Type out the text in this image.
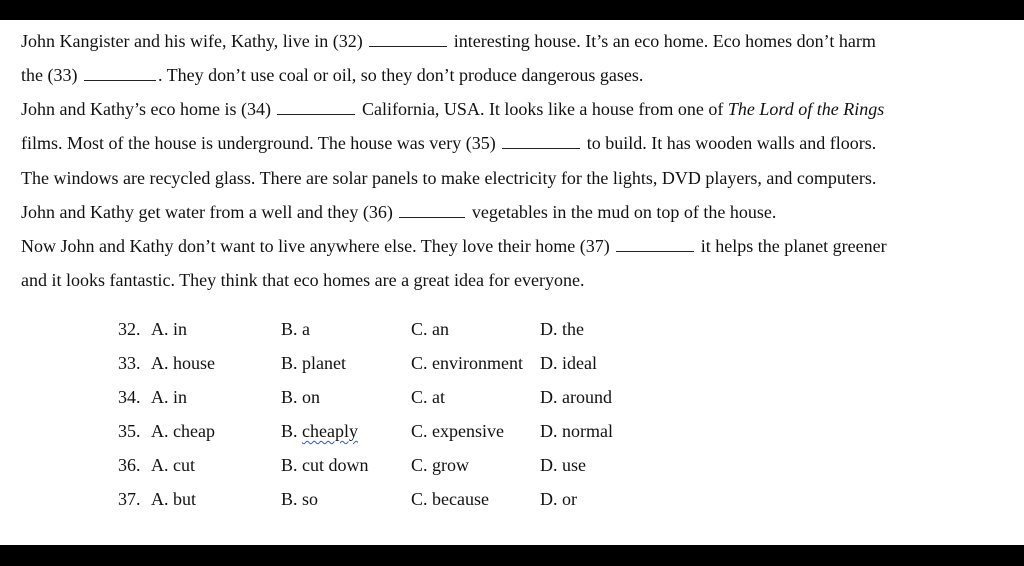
John Kangister and his wife, Kathy, live in (32)	interesting house. It’s an eco home. Eco homes don’t harm
the (33)	. They don’t use coal or oil, so they don’t produce dangerous gases.
John and Kathy’s eco home is (34)	California, USA. It looks like a house from one of The Lord of the Rings
films. Most of the house is underground. The house was very (35)	to build. It has wooden walls and floors.
The windows are recycled glass. There are solar panels to make electricity for the lights, DVD players, and computers.
John and Kathy get water from a well and they (36)	vegetables in the mud on top of the house.
Now John and Kathy don’t want to live anywhere else. They love their home (37)	it helps the planet greener
and it looks fantastic. They think that eco homes are a great idea for everyone.
32. A. in	B. a	C. an	D. the
33. A. house	B. planet	C. environment D. ideal
34. A. in	B. on	C. at	D. around
35. A. cheap	B. cheaply	C. expensive D. normal
36. A. cut	B. cut down C. grow	D. use
37. A. but	B. so	C. because	D. or
